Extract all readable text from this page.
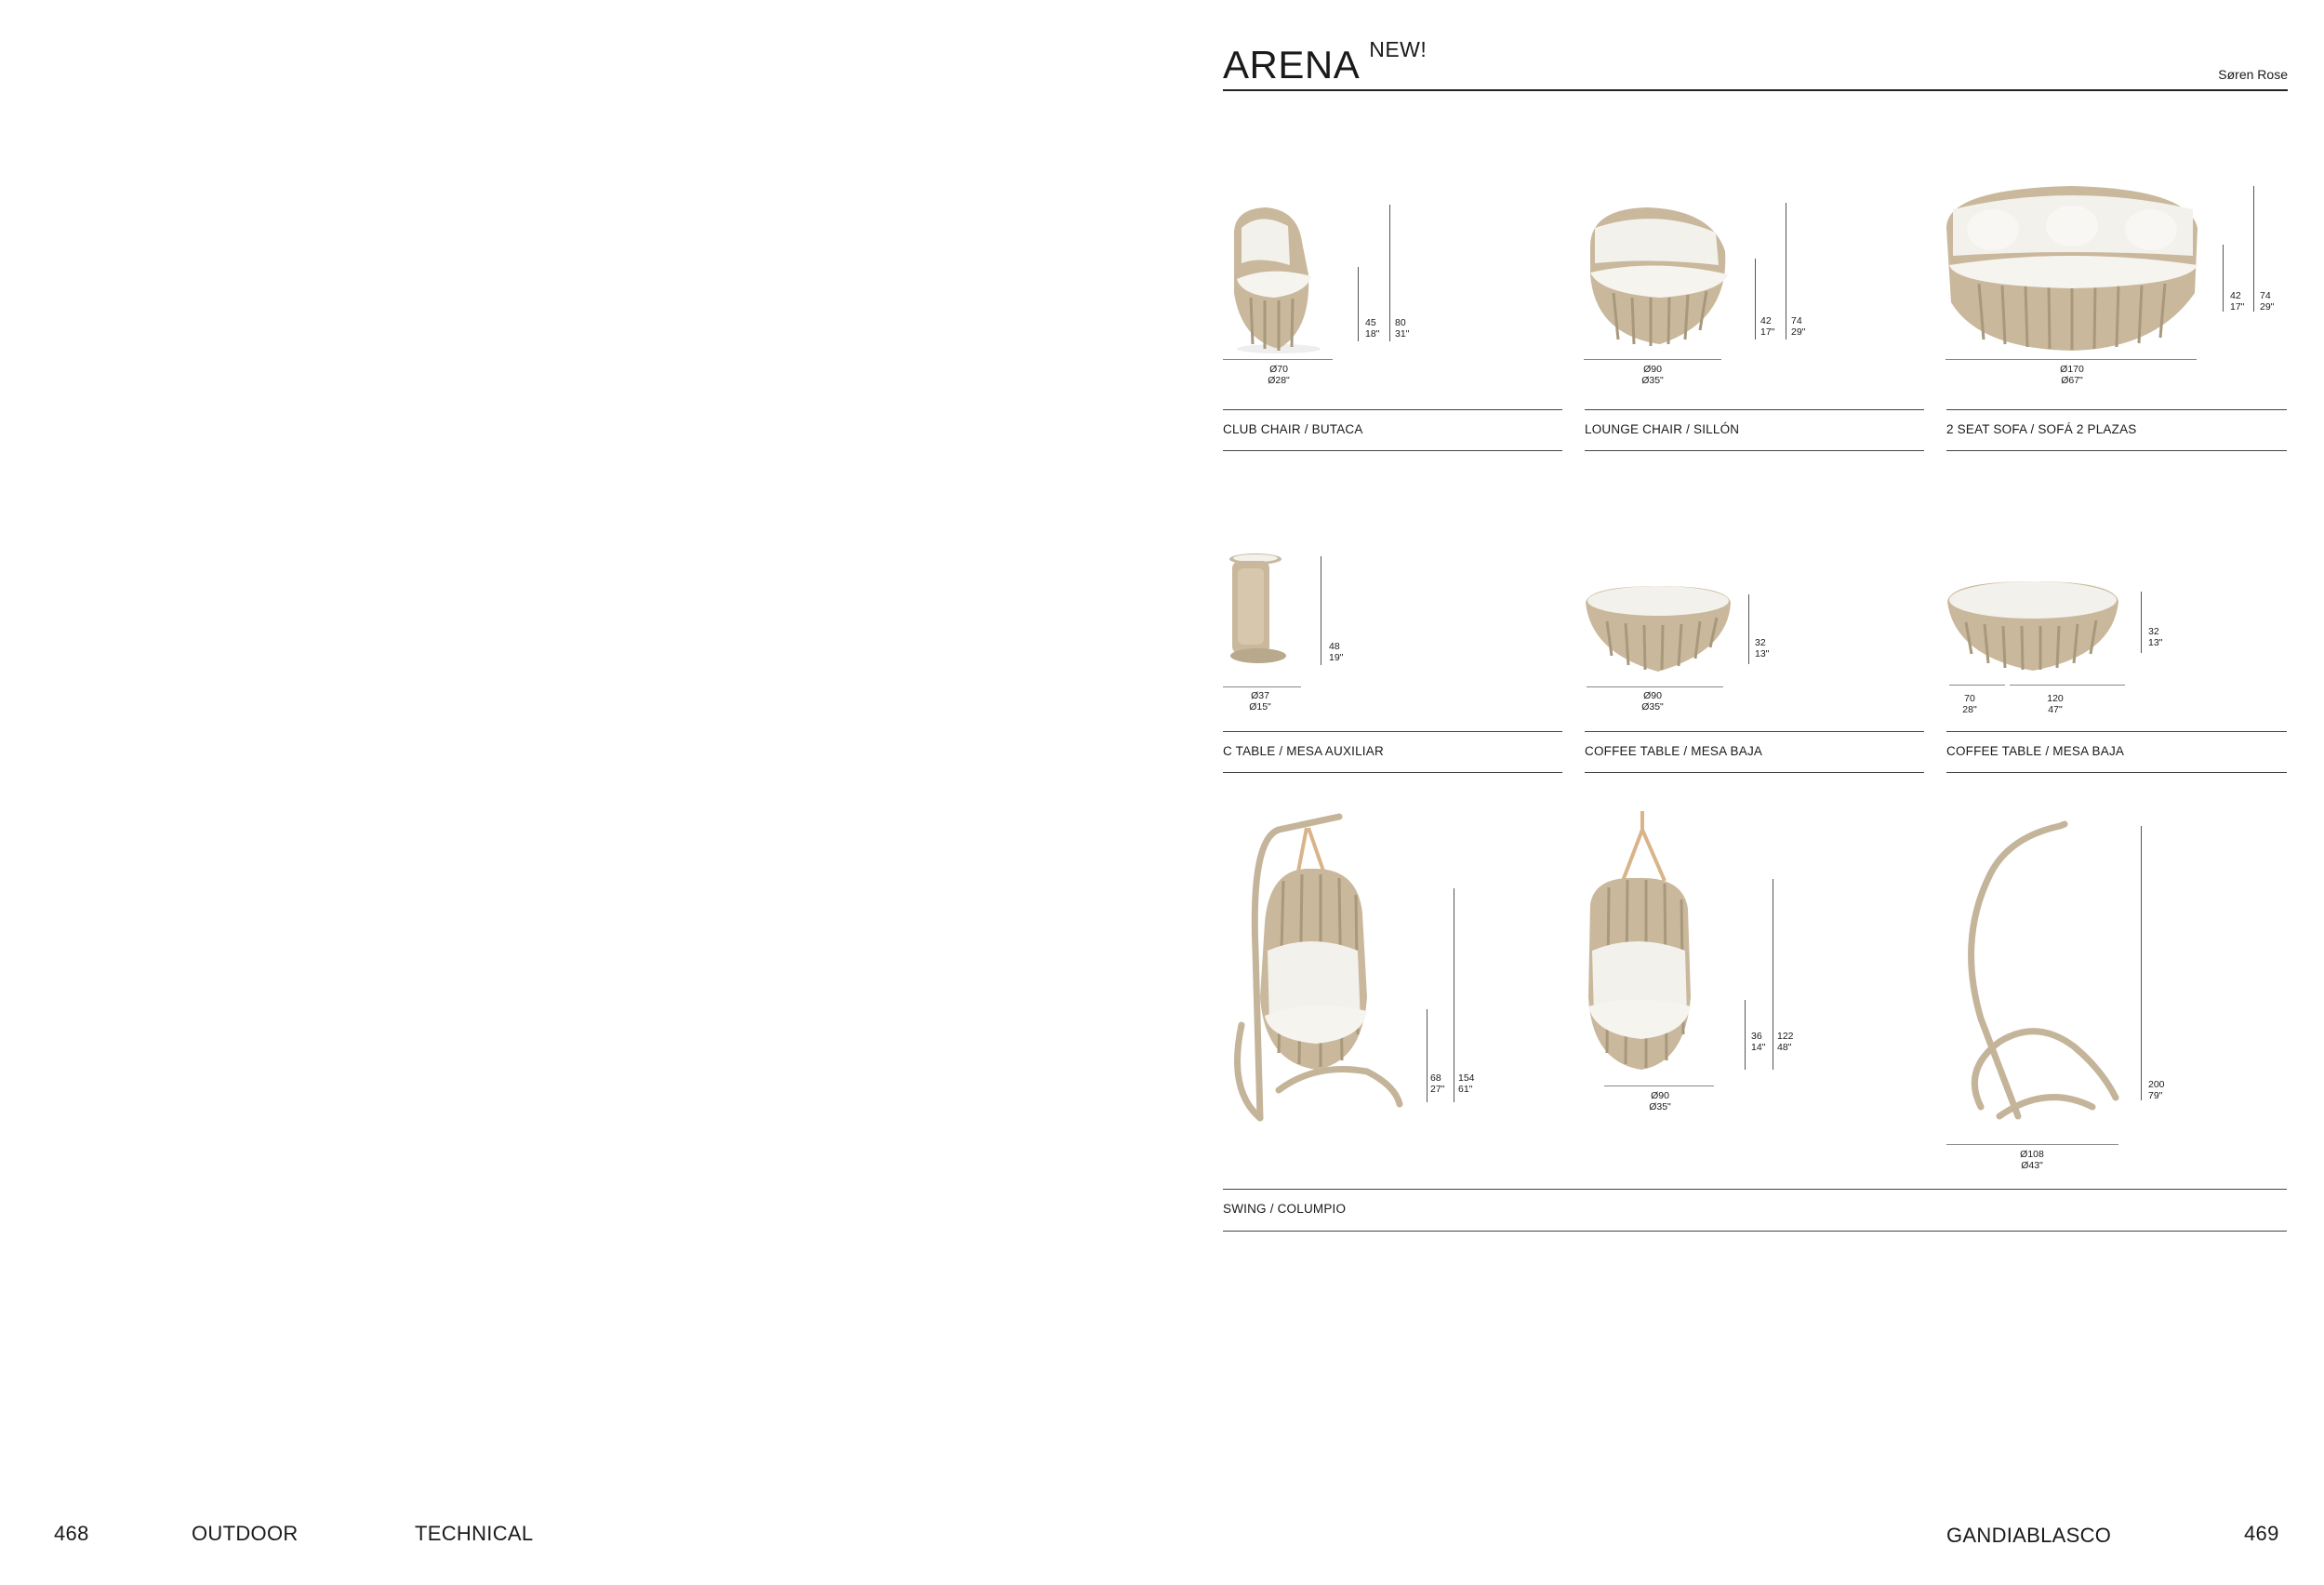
ARENA $^{NEW!}$
Søren Rose
Ø70
Ø28"
45
18"
80
31"
Ø90
Ø35"
42
17"
74
29"
Ø170
Ø67"
42
17"
74
29"
CLUB CHAIR / BUTACA	LOUNGE CHAIR / SILLÓN	2 SEAT SOFA / SOFÁ 2 PLAZAS
Ø37
Ø15"
48
19"
Ø90
Ø35"
32
13"
70
28"
120
47"
32
13"
C TABLE / MESA AUXILIAR	COFFEE TABLE / MESA BAJA	COFFEE TABLE / MESA BAJA
68
27"
154
61"
Ø90
Ø35"
36
14"
122
48"
Ø108
Ø43"
200
79"
SWING / COLUMPIO
468	OUTDOOR	TECHNICAL	GANDIABLASCO	469
